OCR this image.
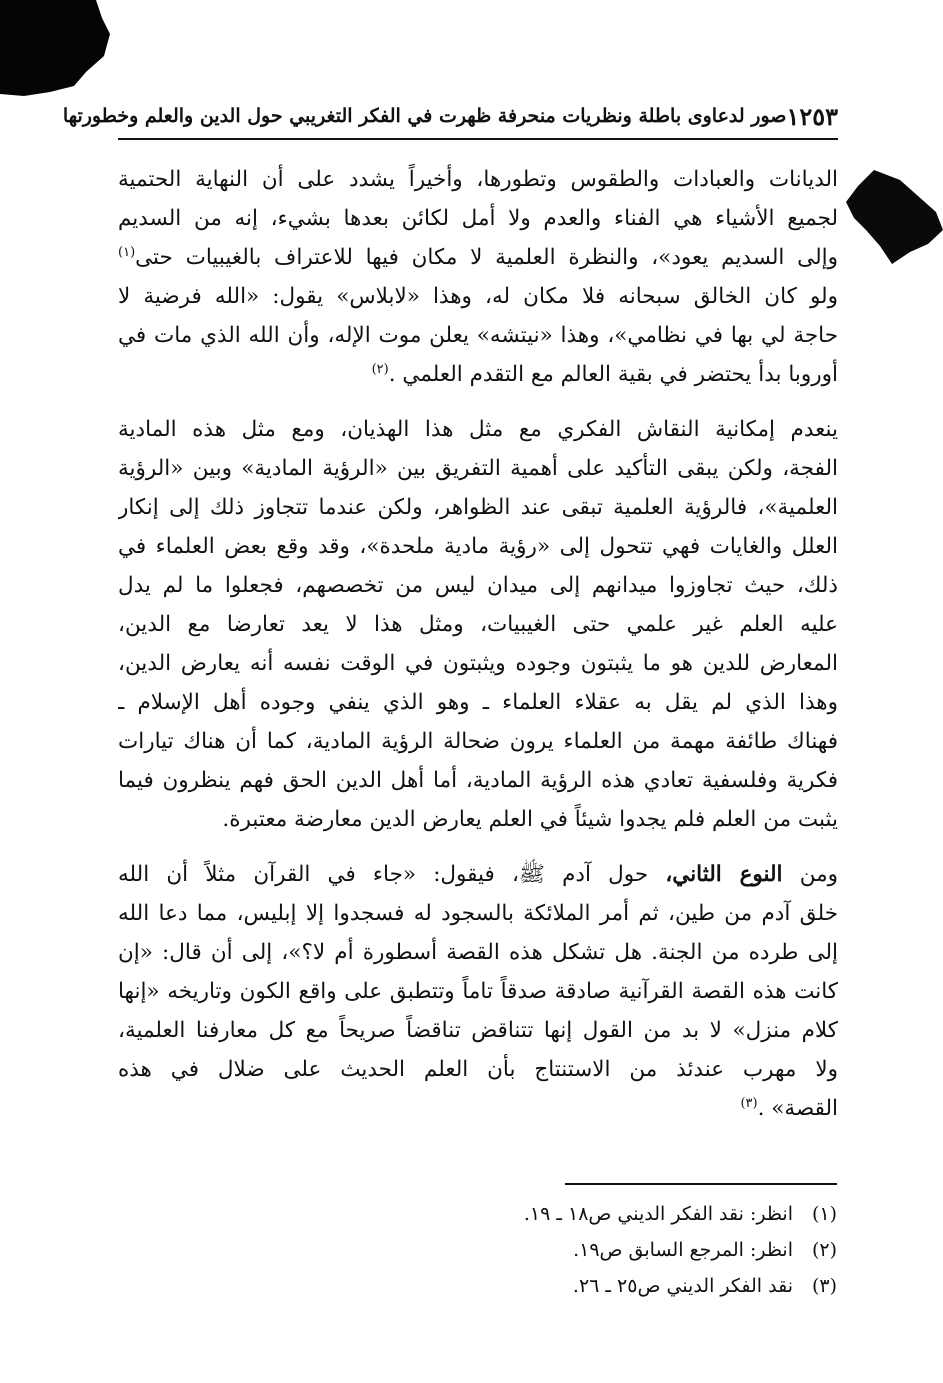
١٢٥٣
صور لدعاوى باطلة ونظريات منحرفة ظهرت في الفكر التغريبي حول الدين والعلم وخطورتها
الديانات والعبادات والطقوس وتطورها، وأخيراً يشدد على أن النهاية الحتمية
لجميع الأشياء هي الفناء والعدم ولا أمل لكائن بعدها بشيء، إنه من السديم
وإلى السديم يعود»، والنظرة العلمية لا مكان فيها للاعتراف بالغيبيات حتى$^{(١)}$
ولو كان الخالق سبحانه فلا مكان له، وهذا «لابلاس» يقول: «الله فرضية لا
حاجة لي بها في نظامي»، وهذا «نيتشه» يعلن موت الإله، وأن الله الذي مات في
أوروبا بدأ يحتضر في بقية العالم مع التقدم العلمي .$^{(٢)}$
ينعدم إمكانية النقاش الفكري مع مثل هذا الهذيان، ومع مثل هذه المادية
الفجة، ولكن يبقى التأكيد على أهمية التفريق بين «الرؤية المادية» وبين «الرؤية
العلمية»، فالرؤية العلمية تبقى عند الظواهر، ولكن عندما تتجاوز ذلك إلى إنكار
العلل والغايات فهي تتحول إلى «رؤية مادية ملحدة»، وقد وقع بعض العلماء في
ذلك، حيث تجاوزوا ميدانهم إلى ميدان ليس من تخصصهم، فجعلوا ما لم يدل
عليه العلم غير علمي حتى الغيبيات، ومثل هذا لا يعد تعارضا مع الدين،
المعارض للدين هو ما يثبتون وجوده ويثبتون في الوقت نفسه أنه يعارض الدين،
وهذا الذي لم يقل به عقلاء العلماء ـ وهو الذي ينفي وجوده أهل الإسلام ـ
فهناك طائفة مهمة من العلماء يرون ضحالة الرؤية المادية، كما أن هناك تيارات
فكرية وفلسفية تعادي هذه الرؤية المادية، أما أهل الدين الحق فهم ينظرون فيما
يثبت من العلم فلم يجدوا شيئاً في العلم يعارض الدين معارضة معتبرة.
ومن النوع الثاني، حول آدم ﷺ، فيقول: «جاء في القرآن مثلاً أن الله
خلق آدم من طين، ثم أمر الملائكة بالسجود له فسجدوا إلا إبليس، مما دعا الله
إلى طرده من الجنة. هل تشكل هذه القصة أسطورة أم لا؟»، إلى أن قال: «إن
كانت هذه القصة القرآنية صادقة صدقاً تاماً وتتطبق على واقع الكون وتاريخه «إنها
كلام منزل» لا بد من القول إنها تتناقض تناقضاً صريحاً مع كل معارفنا العلمية،
ولا مهرب عندئذ من الاستنتاج بأن العلم الحديث على ضلال في هذه
القصة» .$^{(٣)}$
(١)
انظر: نقد الفكر الديني ص١٨ ـ ١٩.
(٢)
انظر: المرجع السابق ص١٩.
(٣)
نقد الفكر الديني ص٢٥ ـ ٢٦.
